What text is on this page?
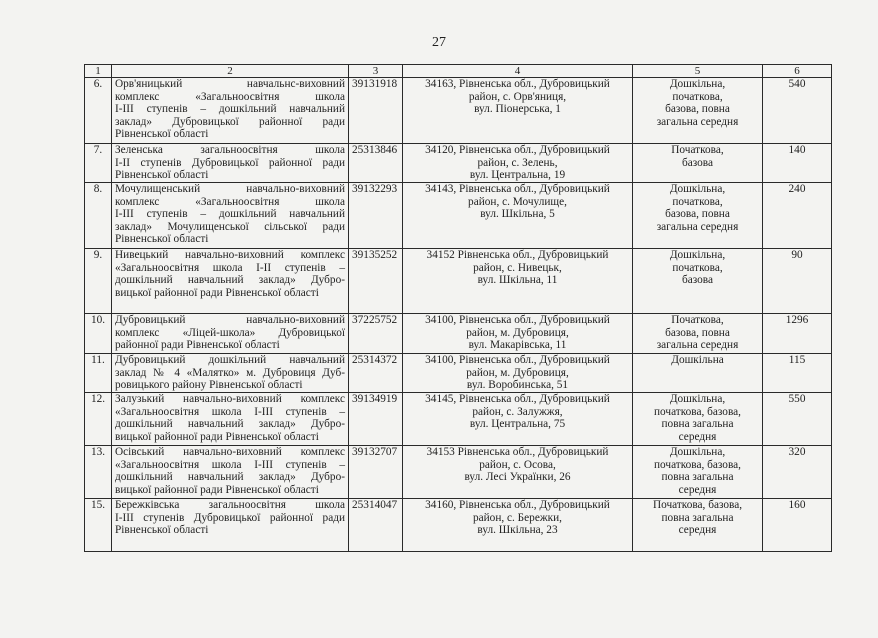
27
1	2	3	4	5	6
6.	Орв'яницький навчальнс-виховний
комплекс «Загальноосвітня школа
І-ІІІ ступенів – дошкільний навчальний
заклад» Дубровицької районної ради
Рівненської області	39131918	34163, Рівненська обл., Дубровицький
район, с. Орв'яниця,
вул. Піонерська, 1	Дошкільна,
початкова,
базова, повна
загальна середня	540
7.	Зеленська загальноосвітня школа
І-ІІ ступенів Дубровицької районної ради
Рівненської області	25313846	34120, Рівненська обл., Дубровицький
район, с. Зелень,
вул. Центральна, 19	Початкова,
базова	140
8.	Мочулищенський навчально-виховний
комплекс «Загальноосвітня школа
І-ІІІ ступенів – дошкільний навчальний
заклад» Мочулищенської сільської ради
Рівненської області	39132293	34143, Рівненська обл., Дубровицький
район, с. Мочулище,
вул. Шкільна, 5	Дошкільна,
початкова,
базова, повна
загальна середня	240
9.	Нивецький навчально-виховний комплекс
«Загальноосвітня школа І-ІІ ступенів –
дошкільний навчальний заклад» Дубро-
вицької районної ради Рівненської області	39135252	34152 Рівненська обл., Дубровицький
район, с. Нивецьк,
вул. Шкільна, 11	Дошкільна,
початкова,
базова	90
10.	Дубровицький навчально-виховний
комплекс «Ліцей-школа» Дубровицької
районної ради Рівненської області	37225752	34100, Рівненська обл., Дубровицький
район, м. Дубровиця,
вул. Макарівська, 11	Початкова,
базова, повна
загальна середня	1296
11.	Дубровицький дошкільний навчальний
заклад № 4 «Малятко» м. Дубровиця Дуб-
ровицького району Рівненської області	25314372	34100, Рівненська обл., Дубровицький
район, м. Дубровиця,
вул. Воробинська, 51	Дошкільна	115
12.	Залузький навчально-виховний комплекс
«Загальноосвітня школа І-ІІІ ступенів –
дошкільний навчальний заклад» Дубро-
вицької районної ради Рівненської області	39134919	34145, Рівненська обл., Дубровицький
район, с. Залужжя,
вул. Центральна, 75	Дошкільна,
початкова, базова,
повна загальна
середня	550
13.	Осівський навчально-виховний комплекс
«Загальноосвітня школа І-ІІІ ступенів –
дошкільний навчальний заклад» Дубро-
вицької районної ради Рівненської області	39132707	34153 Рівненська обл., Дубровицький
район, с. Осова,
вул. Лесі Українки, 26	Дошкільна,
початкова, базова,
повна загальна
середня	320
15.	Бережківська загальноосвітня школа
І-ІІІ ступенів Дубровицької районної ради
Рівненської області	25314047	34160, Рівненська обл., Дубровицький
район, с. Бережки,
вул. Шкільна, 23	Початкова, базова,
повна загальна
середня	160
